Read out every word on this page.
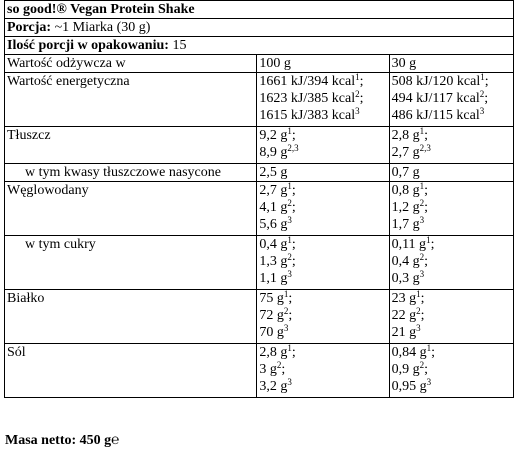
so good!® Vegan Protein Shake
Porcja: ~1 Miarka (30 g)
Ilość porcji w opakowaniu: 15
Wartość odżywcza w	100 g	30 g
Wartość energetyczna	1661 kJ/394 kcal$^1$;
1623 kJ/385 kcal$^2$;
1615 kJ/383 kcal$^3$	508 kJ/120 kcal$^1$;
494 kJ/117 kcal$^2$;
486 kJ/115 kcal$^3$

Tłuszcz	9,2 $g^1$;
8,9 $g^{2,3}$	2,8 $g^1$;
2,7 $g^{2,3}$

w tym kwasy tłuszczowe nasycone	2,5 g	0,7 g

Węglowodany	2,7 $g^1$;
4,1 $g^2$;
5,6 $g^3$	0,8 $g^1$;
1,2 $g^2$;
1,7 $g^3$

w tym cukry	0,4 $g^1$;
1,3 $g^2$;
1,1 $g^3$	0,11 $g^1$;
0,4 $g^2$;
0,3 $g^3$

Białko	75 $g^1$;
72 $g^2$;
70 $g^3$	23 $g^1$;
22 $g^2$;
21 $g^3$

Sól	2,8 $g^1$;
3 $g^2$;
3,2 $g^3$	0,84 $g^1$;
0,9 $g^2$;
0,95 $g^3$
Masa netto: 450 g℮
